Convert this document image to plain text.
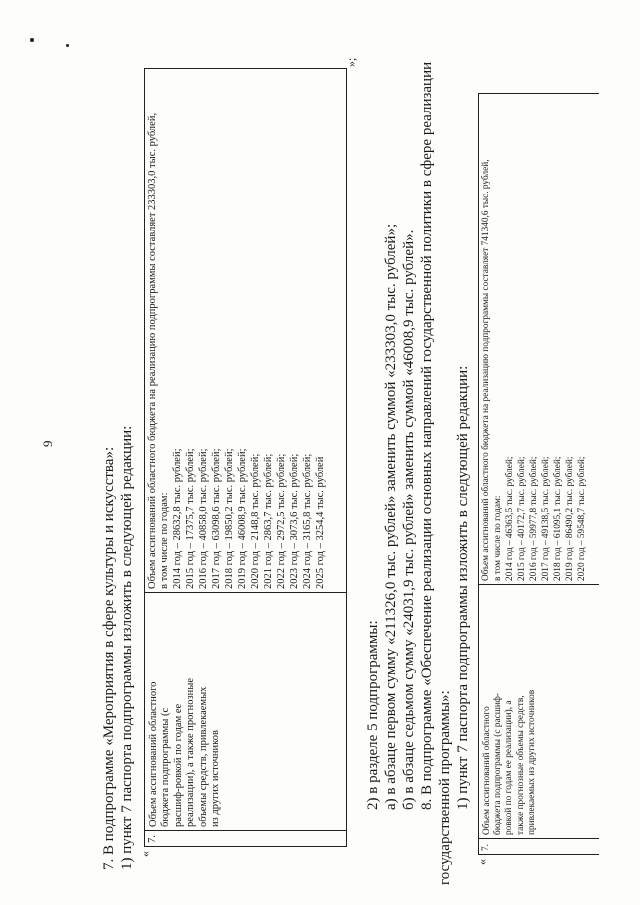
9
7. В подпрограмме «Мероприятия в сфере культуры и искусства»: 1) пункт 7 паспорта подпрограммы изложить в следующей редакции: «
7.
Объем ассигнований областного бюджета подпрограммы (с расшиф-ровкой по годам ее реализации), а также прогнозные объемы средств, привлекаемых из других источников
Объем ассигнований областного бюджета на реализацию подпрограммы составляет 233303,0 тыс. рублей, в том числе по годам: 2014 год – 28632,8 тыс. рублей; 2015 год – 17375,7 тыс. рублей; 2016 год – 40858,0 тыс. рублей; 2017 год – 63098,6 тыс. рублей; 2018 год – 19850,2 тыс. рублей; 2019 год – 46008,9 тыс. рублей; 2020 год – 2148,8 тыс. рублей; 2021 год – 2863,7 тыс. рублей; 2022 год – 2972,5 тыс. рублей; 2023 год – 3073,6 тыс. рублей; 2024 год – 3165,8 тыс. рублей; 2025 год – 3254,4 тыс. рублей
»;
2) в разделе 5 подпрограммы: а) в абзаце первом сумму «211326,0 тыс. рублей» заменить суммой «233303,0 тыс. рублей»; б) в абзаце седьмом сумму «24031,9 тыс. рублей» заменить суммой «46008,9 тыс. рублей». 8. В подпрограмме «Обеспечение реализации основных направлений государственной политики в сфере реализации государственной программы»: 1) пункт 7 паспорта подпрограммы изложить в следующей редакции:
«
7.
Объем ассигнований областного бюджета подпрограммы (с расшиф-ровкой по годам ее реализации), а также прогнозные объемы средств, привлекаемых из других источников
Объем ассигнований областного бюджета на реализацию подпрограммы составляет 741340,6 тыс. рублей, в том числе по годам: 2014 год – 46363,5 тыс. рублей; 2015 год – 40172,7 тыс. рублей; 2016 год – 59977,8 тыс. рублей; 2017 год – 49138,5 тыс. рублей; 2018 год – 61095,1 тыс. рублей; 2019 год – 86490,2 тыс. рублей; 2020 год – 59548,7 тыс. рублей;
